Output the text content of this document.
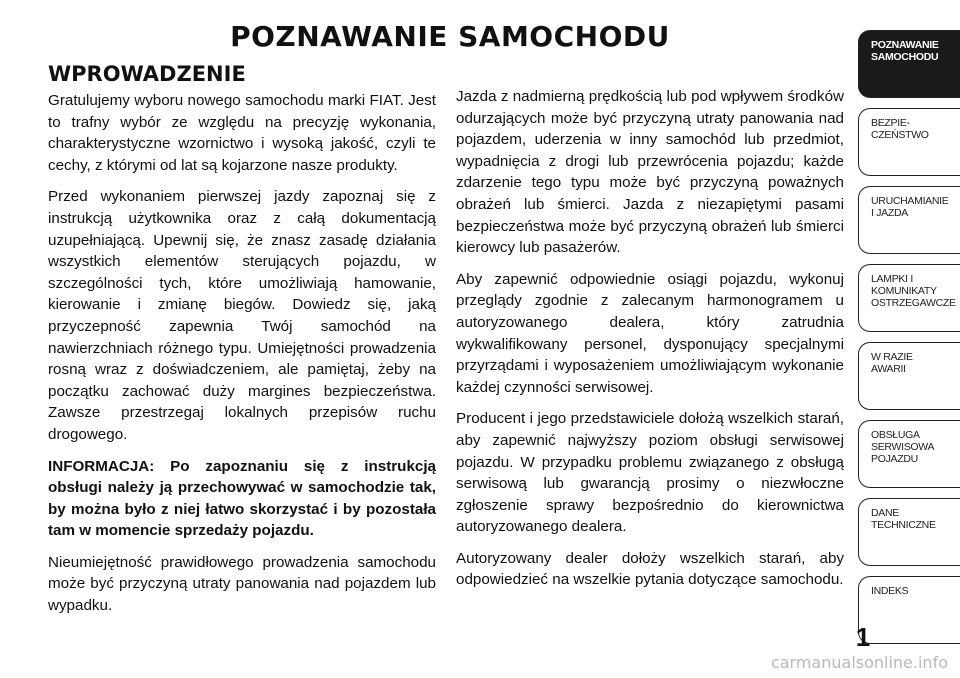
POZNAWANIE SAMOCHODU
WPROWADZENIE

Gratulujemy wyboru nowego samochodu marki FIAT. Jest to trafny wybór ze względu na precyzję wykonania, charakterystyczne wzornictwo i wysoką jakość, czyli te cechy, z którymi od lat są kojarzone nasze produkty.

Przed wykonaniem pierwszej jazdy zapoznaj się z instrukcją użytkownika oraz z całą dokumentacją uzupełniającą. Upewnij się, że znasz zasadę działania wszystkich elementów sterujących pojazdu, w szczególności tych, które umożliwiają hamowanie, kierowanie i zmianę biegów. Dowiedz się, jaką przyczepność zapewnia Twój samochód na nawierzchniach różnego typu. Umiejętności prowadzenia rosną wraz z doświadczeniem, ale pamiętaj, żeby na początku zachować duży margines bezpieczeństwa. Zawsze przestrzegaj lokalnych przepisów ruchu drogowego.

INFORMACJA: Po zapoznaniu się z instrukcją obsługi należy ją przechowywać w samochodzie tak, by można było z niej łatwo skorzystać i by pozostała tam w momencie sprzedaży pojazdu.

Nieumiejętność prawidłowego prowadzenia samochodu może być przyczyną utraty panowania nad pojazdem lub wypadku.

Jazda z nadmierną prędkością lub pod wpływem środków odurzających może być przyczyną utraty panowania nad pojazdem, uderzenia w inny samochód lub przedmiot, wypadnięcia z drogi lub przewrócenia pojazdu; każde zdarzenie tego typu może być przyczyną poważnych obrażeń lub śmierci. Jazda z niezapiętymi pasami bezpieczeństwa może być przyczyną obrażeń lub śmierci kierowcy lub pasażerów.

Aby zapewnić odpowiednie osiągi pojazdu, wykonuj przeglądy zgodnie z zalecanym harmonogramem u autoryzowanego dealera, który zatrudnia wykwalifikowany personel, dysponujący specjalnymi przyrządami i wyposażeniem umożliwiającym wykonanie każdej czynności serwisowej.

Producent i jego przedstawiciele dołożą wszelkich starań, aby zapewnić najwyższy poziom obsługi serwisowej pojazdu. W przypadku problemu związanego z obsługą serwisową lub gwarancją prosimy o niezwłoczne zgłoszenie sprawy bezpośrednio do kierownictwa autoryzowanego dealera.

Autoryzowany dealer dołoży wszelkich starań, aby odpowiedzieć na wszelkie pytania dotyczące samochodu.

POZNAWANIE
SAMOCHODU
BEZPIE-
CZEŃSTWO
URUCHAMIANIE
I JAZDA
LAMPKI I
KOMUNIKATY
OSTRZEGAWCZE
W RAZIE
AWARII
OBSŁUGA
SERWISOWA
POJAZDU
DANE
TECHNICZNE
INDEKS
1
carmanualsonline.info
